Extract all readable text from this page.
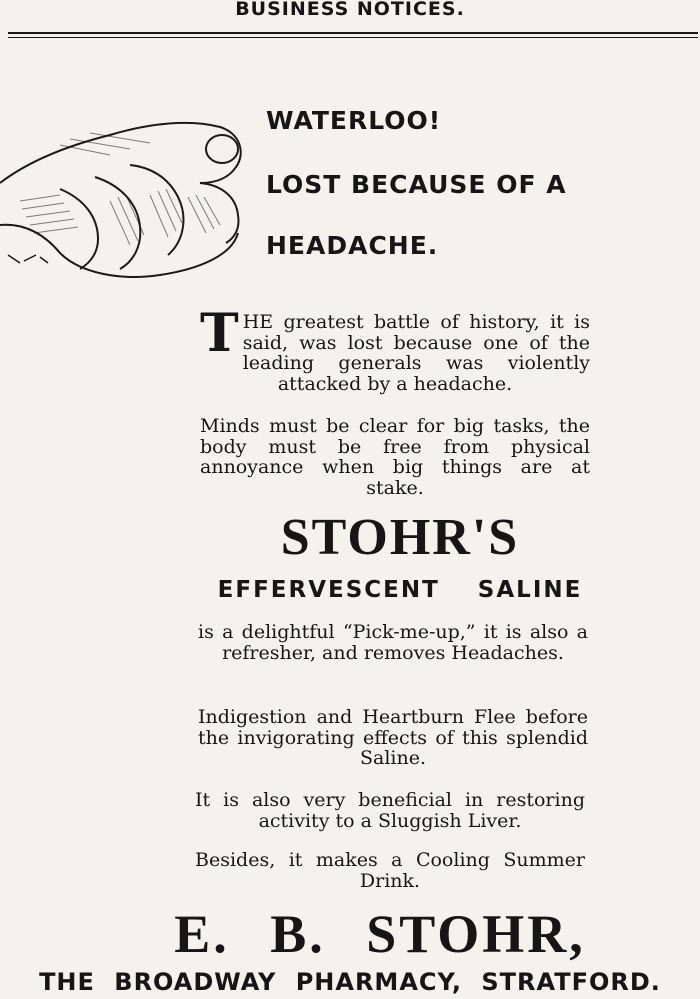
BUSINESS NOTICES.
WATERLOO!
LOST BECAUSE OF A
HEADACHE.
THE greatest battle of history, it is said, was lost because one of the leading generals was violently attacked by a headache.
Minds must be clear for big tasks, the body must be free from physical annoyance when big things are at stake.
STOHR'S
EFFERVESCENT SALINE
is a delightful “Pick-me-up,” it is also a refresher, and removes Headaches.
Indigestion and Heartburn Flee before the invigorating effects of this splendid Saline.
It is also very beneficial in restoring activity to a Sluggish Liver.
Besides, it makes a Cooling Summer Drink.
E. B. STOHR,
THE BROADWAY PHARMACY, STRATFORD.
